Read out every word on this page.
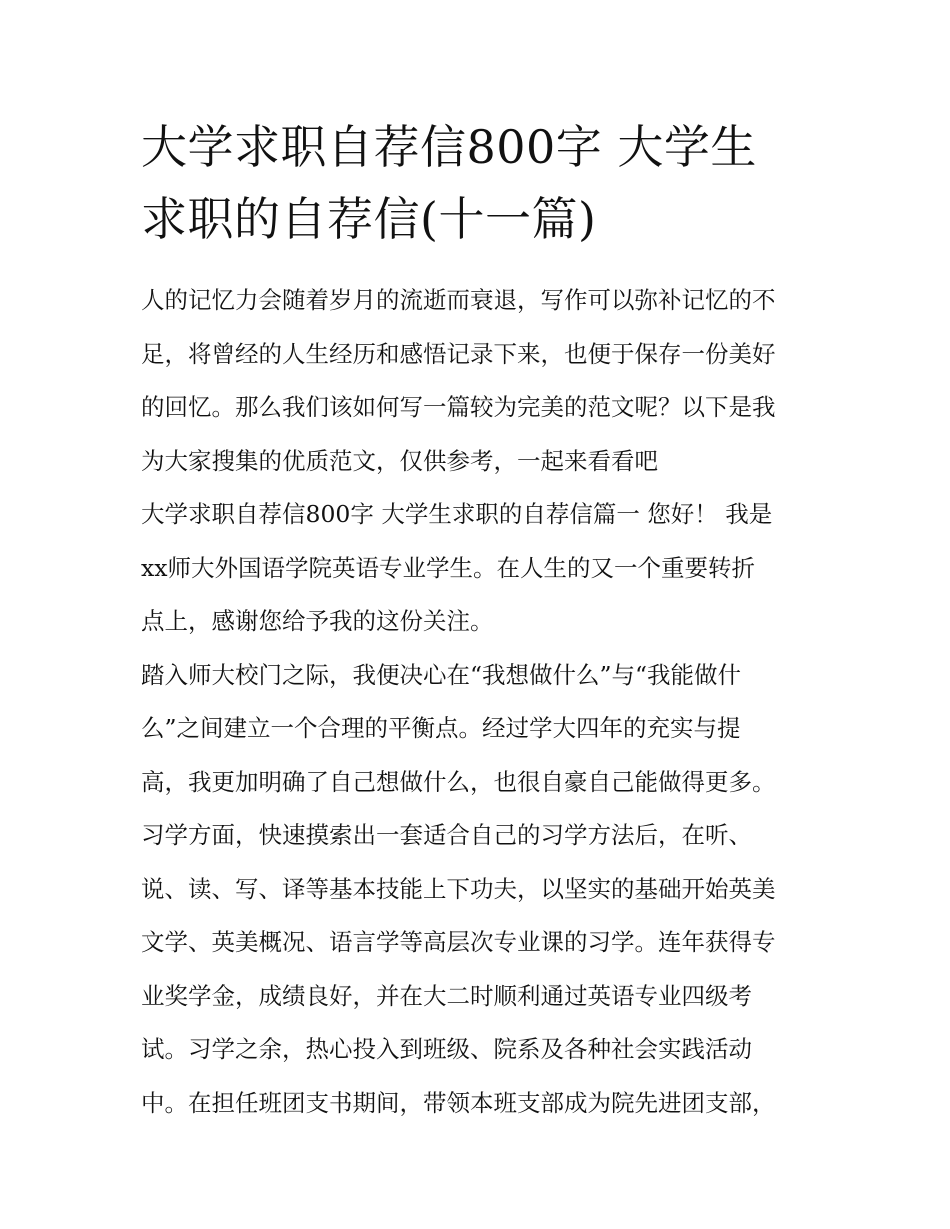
大学求职自荐信800字 大学生
求职的自荐信(十一篇)
人的记忆力会随着岁月的流逝而衰退，写作可以弥补记忆的不
足，将曾经的人生经历和感悟记录下来，也便于保存一份美好
的回忆。那么我们该如何写一篇较为完美的范文呢？以下是我
为大家搜集的优质范文，仅供参考，一起来看看吧
大学求职自荐信800字 大学生求职的自荐信篇一 您好！ 我是
xx师大外国语学院英语专业学生。在人生的又一个重要转折
点上，感谢您给予我的这份关注。
踏入师大校门之际，我便决心在“我想做什么”与“我能做什
么”之间建立一个合理的平衡点。经过学大四年的充实与提
高，我更加明确了自己想做什么，也很自豪自己能做得更多。
习学方面，快速摸索出一套适合自己的习学方法后，在听、
说、读、写、译等基本技能上下功夫，以坚实的基础开始英美
文学、英美概况、语言学等高层次专业课的习学。连年获得专
业奖学金，成绩良好，并在大二时顺利通过英语专业四级考
试。习学之余，热心投入到班级、院系及各种社会实践活动
中。在担任班团支书期间，带领本班支部成为院先进团支部，
